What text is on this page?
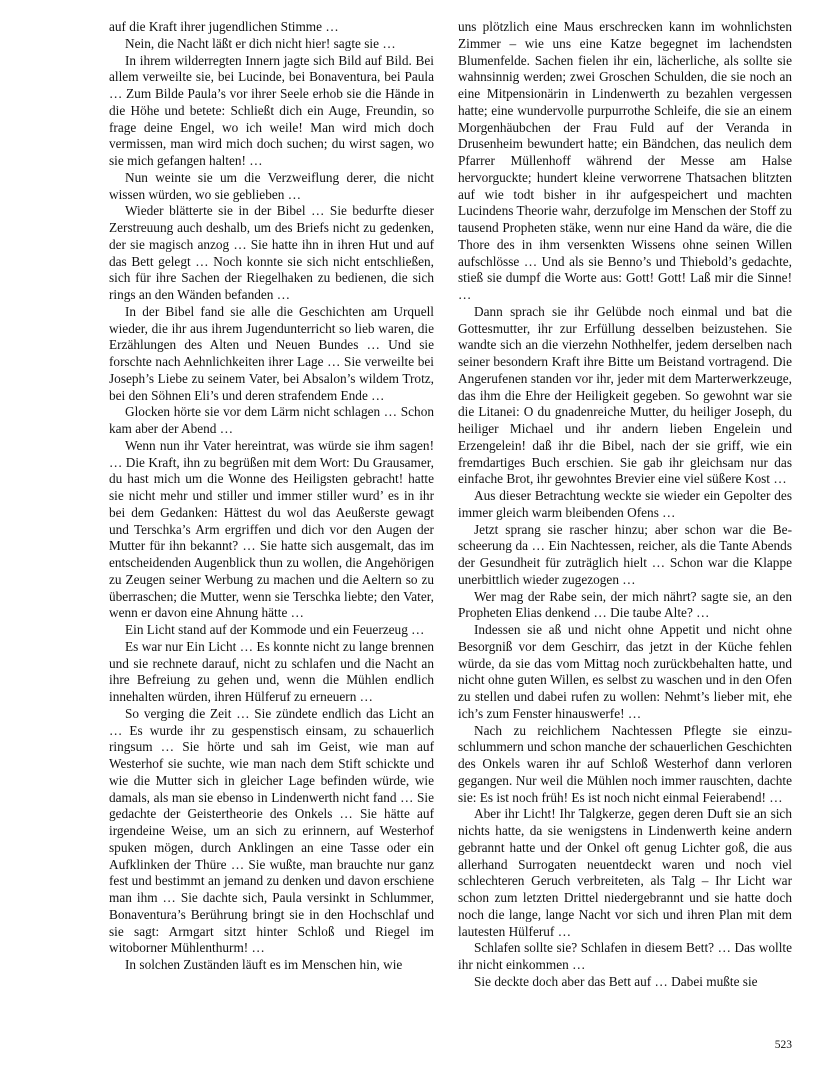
auf die Kraft ihrer jugendlichen Stimme …

Nein, die Nacht läßt er dich nicht hier! sagte sie …

In ihrem wilderregten Innern jagte sich Bild auf Bild. Bei allem verweilte sie, bei Lucinde, bei Bonaventura, bei Paula … Zum Bilde Paula’s vor ihrer Seele erhob sie die Hände in die Höhe und betete: Schließt dich ein Auge, Freundin, so frage deine Engel, wo ich weile! Man wird mich doch vermissen, man wird mich doch suchen; du wirst sagen, wo sie mich gefangen halten! …

Nun weinte sie um die Verzweiflung derer, die nicht wissen würden, wo sie geblieben …

Wieder blätterte sie in der Bibel … Sie bedurfte dieser Zerstreuung auch deshalb, um des Briefs nicht zu gedenken, der sie magisch anzog … Sie hatte ihn in ihren Hut und auf das Bett gelegt … Noch konnte sie sich nicht entschließen, sich für ihre Sachen der Riegelhaken zu bedienen, die sich rings an den Wänden befanden …

In der Bibel fand sie alle die Geschichten am Urquell wieder, die ihr aus ihrem Jugendunterricht so lieb waren, die Erzählungen des Alten und Neuen Bundes … Und sie forschte nach Aehnlichkeiten ihrer Lage … Sie verweilte bei Joseph’s Liebe zu seinem Vater, bei Absalon’s wildem Trotz, bei den Söhnen Eli’s und deren strafendem Ende …

Glocken hörte sie vor dem Lärm nicht schlagen … Schon kam aber der Abend …

Wenn nun ihr Vater hereintrat, was würde sie ihm sagen! … Die Kraft, ihn zu begrüßen mit dem Wort: Du Grausamer, du hast mich um die Wonne des Heiligsten gebracht! hatte sie nicht mehr und stiller und immer stiller wurd’ es in ihr bei dem Gedanken: Hättest du wol das Aeußerste gewagt und Terschka’s Arm ergriffen und dich vor den Augen der Mutter für ihn bekannt? … Sie hatte sich ausgemalt, das im entscheidenden Augenblick thun zu wollen, die Angehörigen zu Zeugen seiner Werbung zu machen und die Aeltern so zu überraschen; die Mutter, wenn sie Terschka liebte; den Vater, wenn er davon eine Ahnung hätte …

Ein Licht stand auf der Kommode und ein Feuerzeug …

Es war nur Ein Licht … Es konnte nicht zu lange brennen und sie rechnete darauf, nicht zu schlafen und die Nacht an ihre Befreiung zu gehen und, wenn die Mühlen endlich innehalten würden, ihren Hülferuf zu erneuern …

So verging die Zeit … Sie zündete endlich das Licht an … Es wurde ihr zu gespenstisch einsam, zu schauerlich ringsum … Sie hörte und sah im Geist, wie man auf Westerhof sie suchte, wie man nach dem Stift schickte und wie die Mutter sich in gleicher Lage befinden würde, wie damals, als man sie ebenso in Lindenwerth nicht fand … Sie gedachte der Geistertheorie des Onkels … Sie hätte auf irgendeine Weise, um an sich zu erinnern, auf Westerhof spuken mögen, durch Anklingen an eine Tasse oder ein Aufklinken der Thüre … Sie wußte, man brauchte nur ganz fest und bestimmt an jemand zu denken und davon erschiene man ihm … Sie dachte sich, Paula versinkt in Schlummer, Bonaventura’s Berührung bringt sie in den Hochschlaf und sie sagt: Armgart sitzt hinter Schloß und Riegel im witoborner Mühlenthurm! …

In solchen Zuständen läuft es im Menschen hin, wie

uns plötzlich eine Maus erschrecken kann im wohnlichsten Zimmer – wie uns eine Katze begegnet im lachendsten Blumenfelde. Sachen fielen ihr ein, lächerliche, als sollte sie wahnsinnig werden; zwei Groschen Schulden, die sie noch an eine Mitpensionärin in Lindenwerth zu bezahlen vergessen hatte; eine wundervolle purpurrothe Schleife, die sie an einem Morgenhäubchen der Frau Fuld auf der Veranda in Drusenheim bewundert hatte; ein Bändchen, das neulich dem Pfarrer Müllenhoff während der Messe am Halse hervorguckte; hundert kleine verworrene Thatsachen blitzten auf wie todt bisher in ihr aufgespeichert und machten Lucindens Theorie wahr, derzufolge im Menschen der Stoff zu tausend Propheten stäke, wenn nur eine Hand da wäre, die die Thore des in ihm versenkten Wissens ohne seinen Willen aufschlösse … Und als sie Benno’s und Thiebold’s gedachte, stieß sie dumpf die Worte aus: Gott! Gott! Laß mir die Sinne! …

Dann sprach sie ihr Gelübde noch einmal und bat die Gottesmutter, ihr zur Erfüllung desselben beizustehen. Sie wandte sich an die vierzehn Nothhelfer, jedem derselben nach seiner besondern Kraft ihre Bitte um Beistand vortragend. Die Angerufenen standen vor ihr, jeder mit dem Marterwerkzeuge, das ihm die Ehre der Heiligkeit gegeben. So gewohnt war sie die Litanei: O du gnadenreiche Mutter, du heiliger Joseph, du heiliger Michael und ihr andern lieben Engelein und Erzengelein! daß ihr die Bibel, nach der sie griff, wie ein fremdartiges Buch erschien. Sie gab ihr gleichsam nur das einfache Brot, ihr gewohntes Brevier eine viel süßere Kost …

Aus dieser Betrachtung weckte sie wieder ein Gepolter des immer gleich warm bleibenden Ofens …

Jetzt sprang sie rascher hinzu; aber schon war die Bescheerung da … Ein Nachtessen, reicher, als die Tante Abends der Gesundheit für zuträglich hielt … Schon war die Klappe unerbittlich wieder zugezogen …

Wer mag der Rabe sein, der mich nährt? sagte sie, an den Propheten Elias denkend … Die taube Alte? …

Indessen sie aß und nicht ohne Appetit und nicht ohne Besorgniß vor dem Geschirr, das jetzt in der Küche fehlen würde, da sie das vom Mittag noch zurückbehalten hatte, und nicht ohne guten Willen, es selbst zu waschen und in den Ofen zu stellen und dabei rufen zu wollen: Nehmt’s lieber mit, ehe ich’s zum Fenster hinauswerfe! …

Nach zu reichlichem Nachtessen Pflegte sie einzuschlummern und schon manche der schauerlichen Geschichten des Onkels waren ihr auf Schloß Westerhof dann verloren gegangen. Nur weil die Mühlen noch immer rauschten, dachte sie: Es ist noch früh! Es ist noch nicht einmal Feierabend! …

Aber ihr Licht! Ihr Talgkerze, gegen deren Duft sie an sich nichts hatte, da sie wenigstens in Lindenwerth keine andern gebrannt hatte und der Onkel oft genug Lichter goß, die aus allerhand Surrogaten neuentdeckt waren und noch viel schlechteren Geruch verbreiteten, als Talg – Ihr Licht war schon zum letzten Drittel niedergebrannt und sie hatte doch noch die lange, lange Nacht vor sich und ihren Plan mit dem lautesten Hülferuf …

Schlafen sollte sie? Schlafen in diesem Bett? … Das wollte ihr nicht einkommen …

Sie deckte doch aber das Bett auf … Dabei mußte sie

523
